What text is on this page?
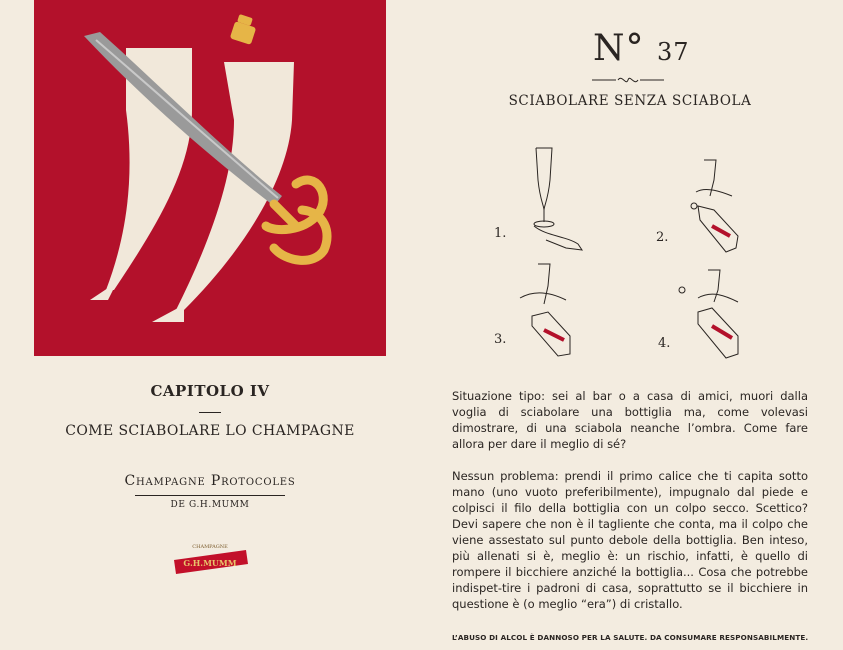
CAPITOLO IV
COME SCIABOLARE LO CHAMPAGNE
Champagne Protocoles
DE G.H.MUMM
CHAMPAGNE
G.H.MUMM
N° 37
SCIABOLARE SENZA SCIABOLA
1.	2.
3.	4.
Situazione tipo: sei al bar o a casa di amici, muori dalla voglia di sciabolare una bottiglia ma, come volevasi dimostrare, di una sciabola neanche l’ombra. Come fare allora per dare il meglio di sé?
Nessun problema: prendi il primo calice che ti capita sotto mano (uno vuoto preferibilmente), impugnalo dal piede e colpisci il filo della bottiglia con un colpo secco. Scettico? Devi sapere che non è il tagliente che conta, ma il colpo che viene assestato sul punto debole della bottiglia. Ben inteso, più allenati si è, meglio è: un rischio, infatti, è quello di rompere il bicchiere anziché la bottiglia... Cosa che potrebbe indispet-tire i padroni di casa, soprattutto se il bicchiere in questione è (o meglio “era”) di cristallo.
L’ABUSO DI ALCOL È DANNOSO PER LA SALUTE. DA CONSUMARE RESPONSABILMENTE.
